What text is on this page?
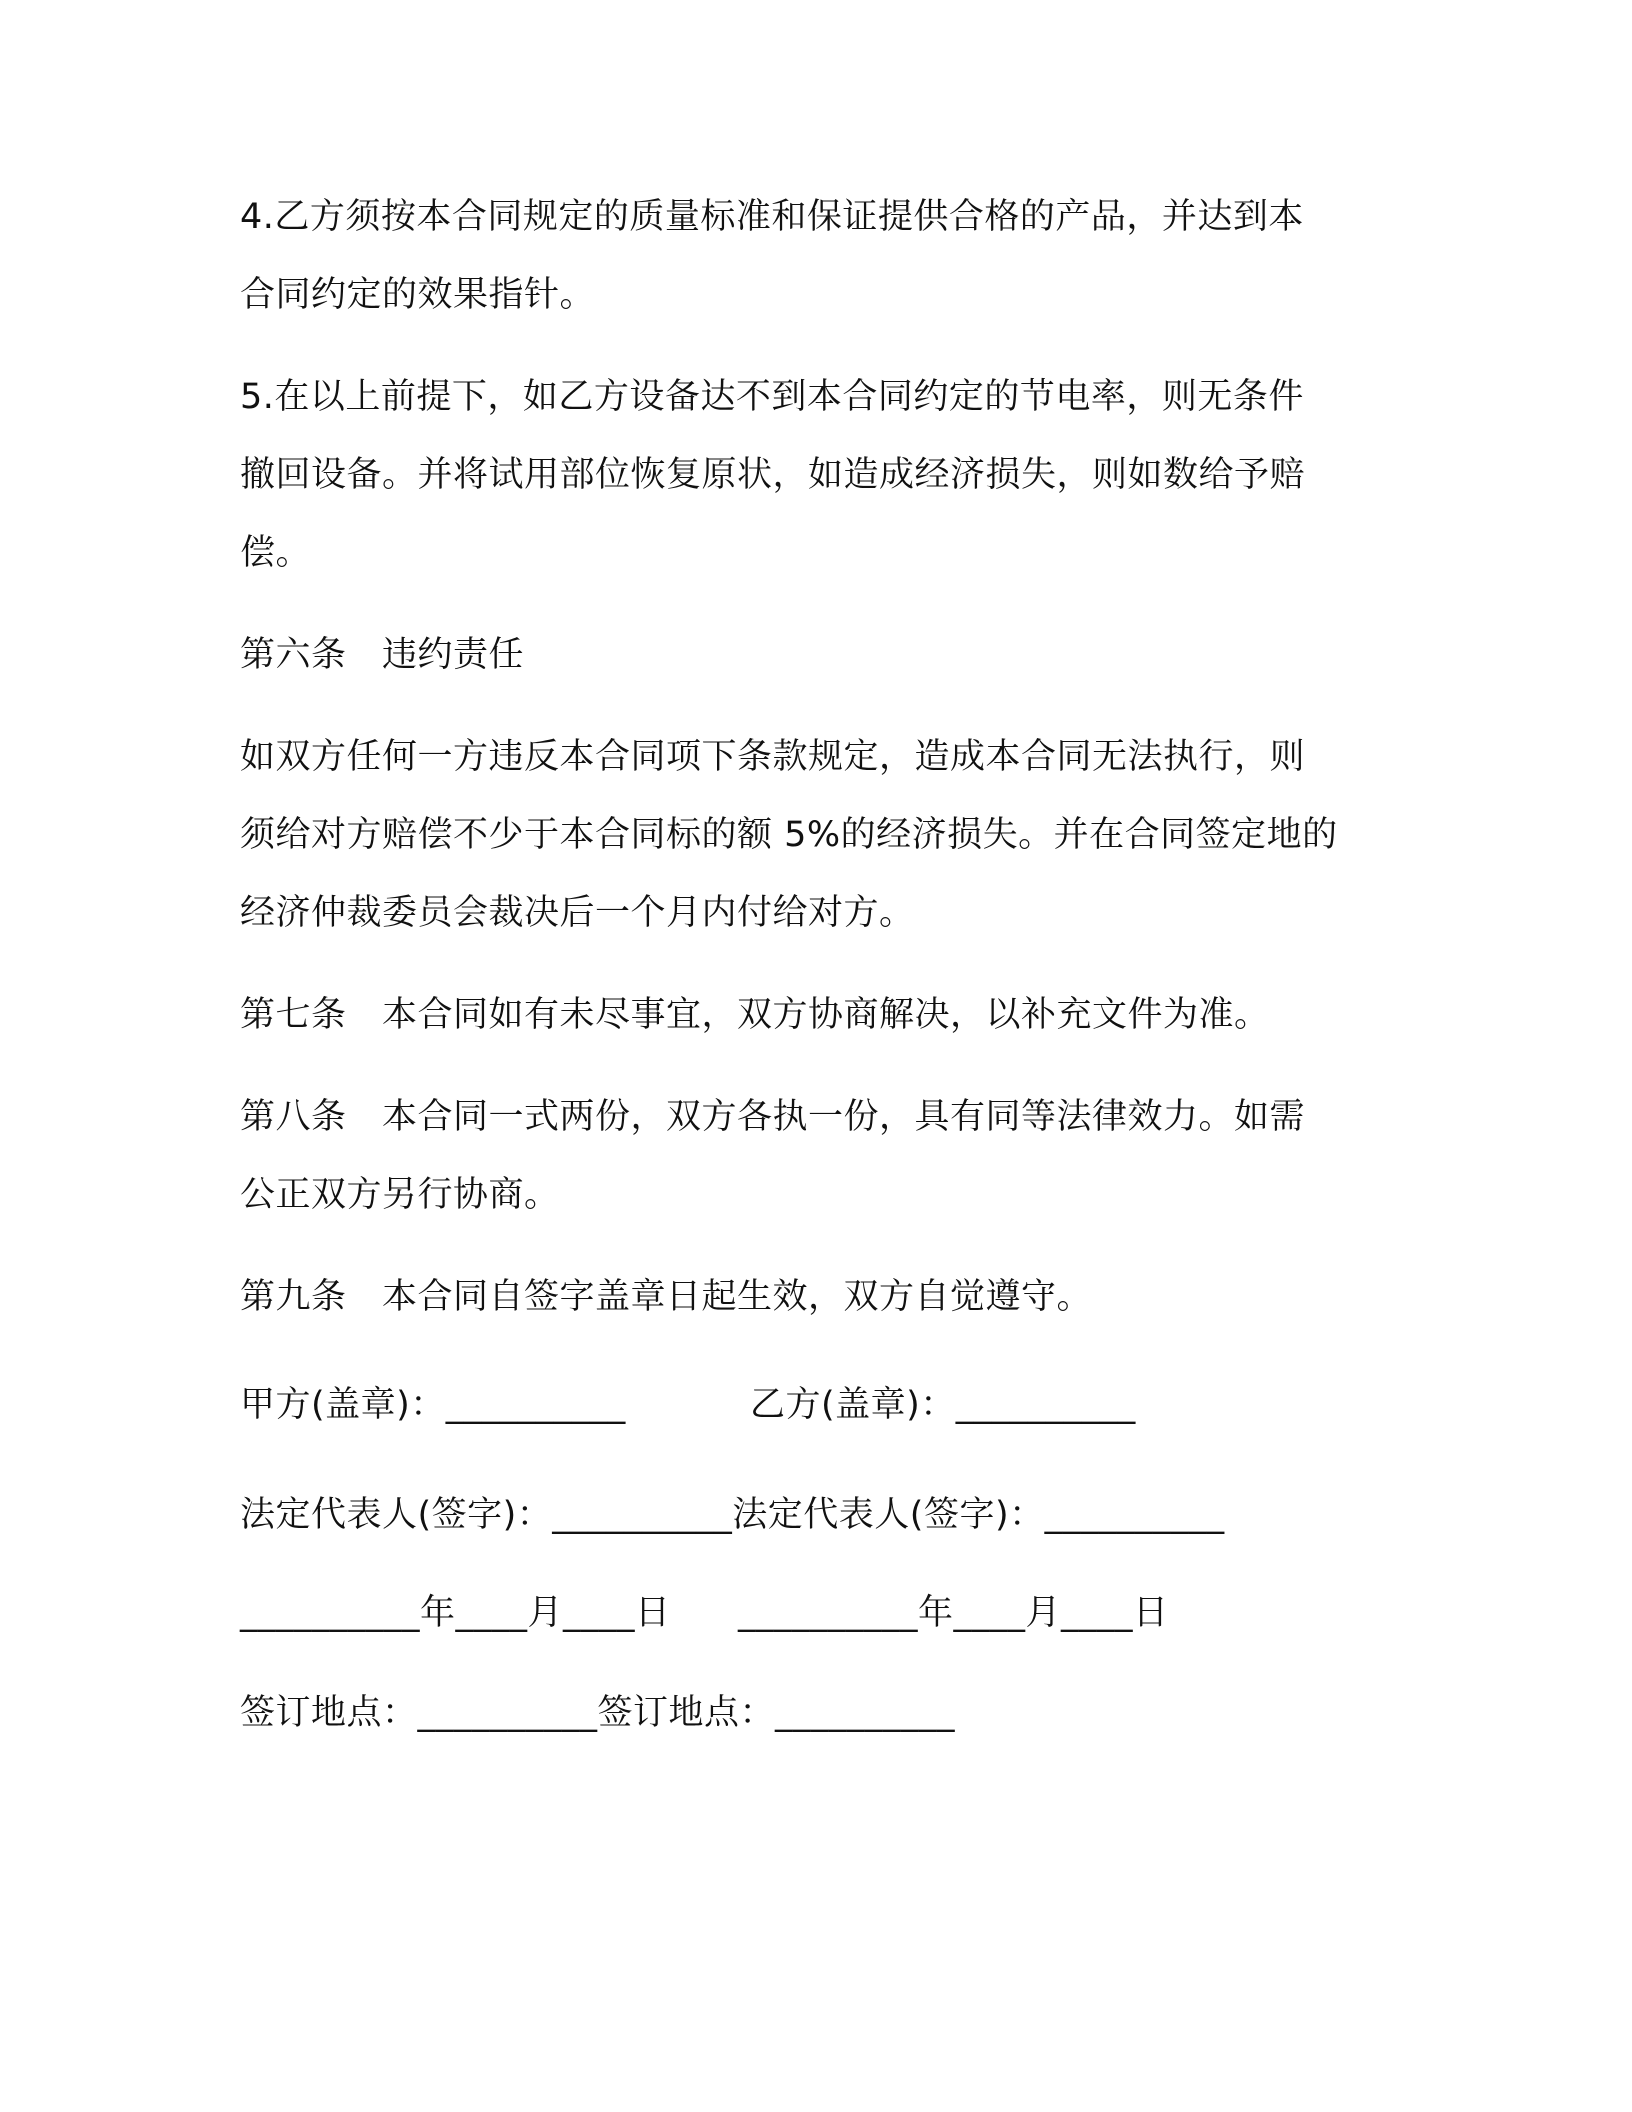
4.乙方须按本合同规定的质量标准和保证提供合格的产品，并达到本

合同约定的效果指针。

5.在以上前提下，如乙方设备达不到本合同约定的节电率，则无条件

撤回设备。并将试用部位恢复原状，如造成经济损失，则如数给予赔

偿。

第六条　违约责任

如双方任何一方违反本合同项下条款规定，造成本合同无法执行，则

须给对方赔偿不少于本合同标的额 5%的经济损失。并在合同签定地的

经济仲裁委员会裁决后一个月内付给对方。

第七条　本合同如有未尽事宜，双方协商解决，以补充文件为准。

第八条　本合同一式两份，双方各执一份，具有同等法律效力。如需

公正双方另行协商。

第九条　本合同自签字盖章日起生效，双方自觉遵守。

甲方(盖章)：__________	乙方(盖章)：__________

法定代表人(签字)：__________法定代表人(签字)：__________

__________年____月____日 __________年____月____日

签订地点：__________签订地点：__________
